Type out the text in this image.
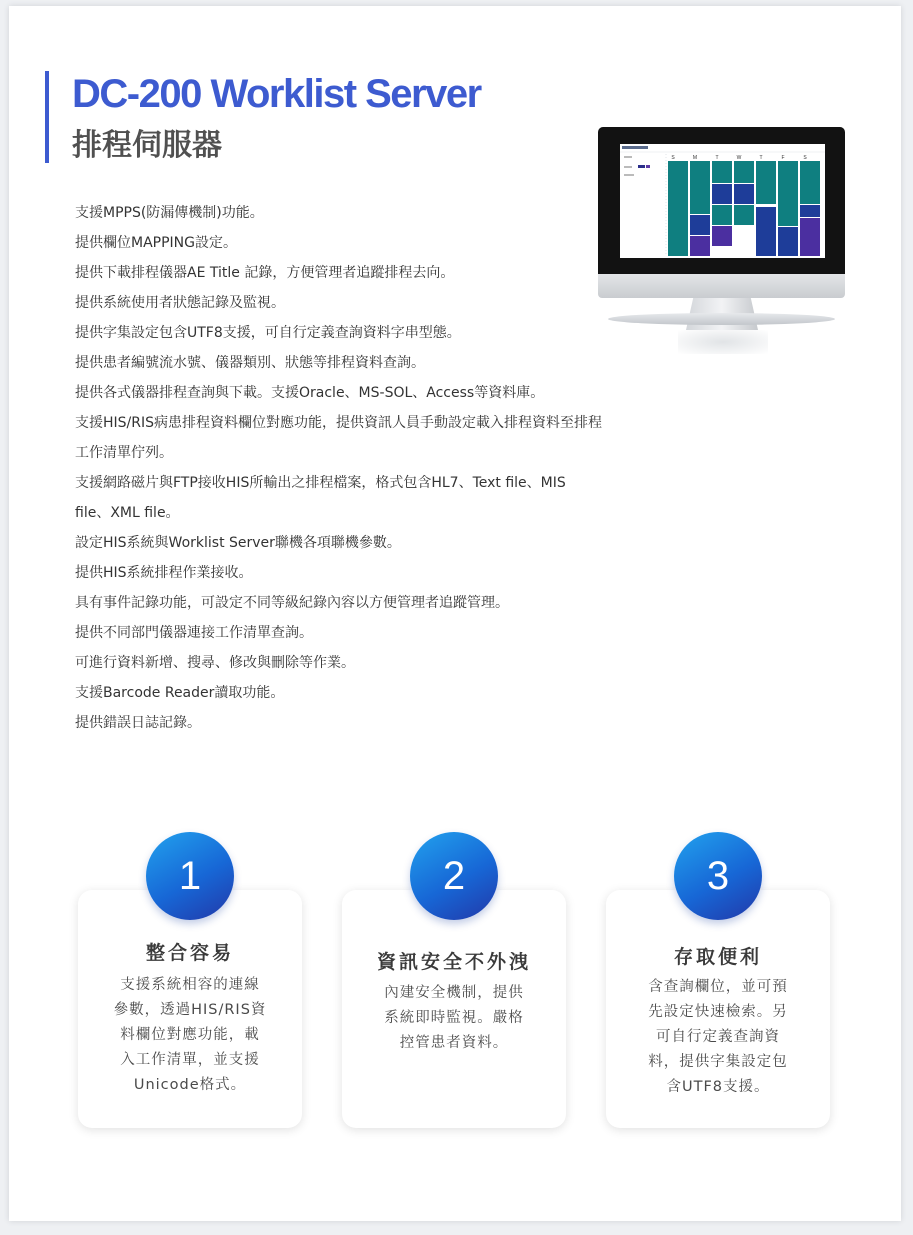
DC-200 Worklist Server
排程伺服器
支援MPPS(防漏傳機制)功能。
提供欄位MAPPING設定。
提供下載排程儀器AE Title 記錄，方便管理者追蹤排程去向。
提供系統使用者狀態記錄及監視。
提供字集設定包含UTF8支援，可自行定義查詢資料字串型態。
提供患者編號流水號、儀器類別、狀態等排程資料查詢。
提供各式儀器排程查詢與下載。支援Oracle、MS-SOL、Access等資料庫。
支援HIS/RIS病患排程資料欄位對應功能，提供資訊人員手動設定載入排程資料至排程工作清單佇列。
支援網路磁片與FTP接收HIS所輸出之排程檔案，格式包含HL7、Text file、MIS file、XML file。
設定HIS系統與Worklist Server聯機各項聯機參數。
提供HIS系統排程作業接收。
具有事件記錄功能，可設定不同等級紀錄內容以方便管理者追蹤管理。
提供不同部門儀器連接工作清單查詢。
可進行資料新增、搜尋、修改與刪除等作業。
支援Barcode Reader讀取功能。
提供錯誤日誌記錄。
S	M	T	W	T	F	S
整合容易
支援系統相容的連線
參數，透過HIS/RIS資
料欄位對應功能，載
入工作清單，並支援
Unicode格式。
1
資訊安全不外洩
內建安全機制，提供
系統即時監視。嚴格
控管患者資料。
2
存取便利
含查詢欄位，並可預
先設定快速檢索。另
可自行定義查詢資
料，提供字集設定包
含UTF8支援。
3
